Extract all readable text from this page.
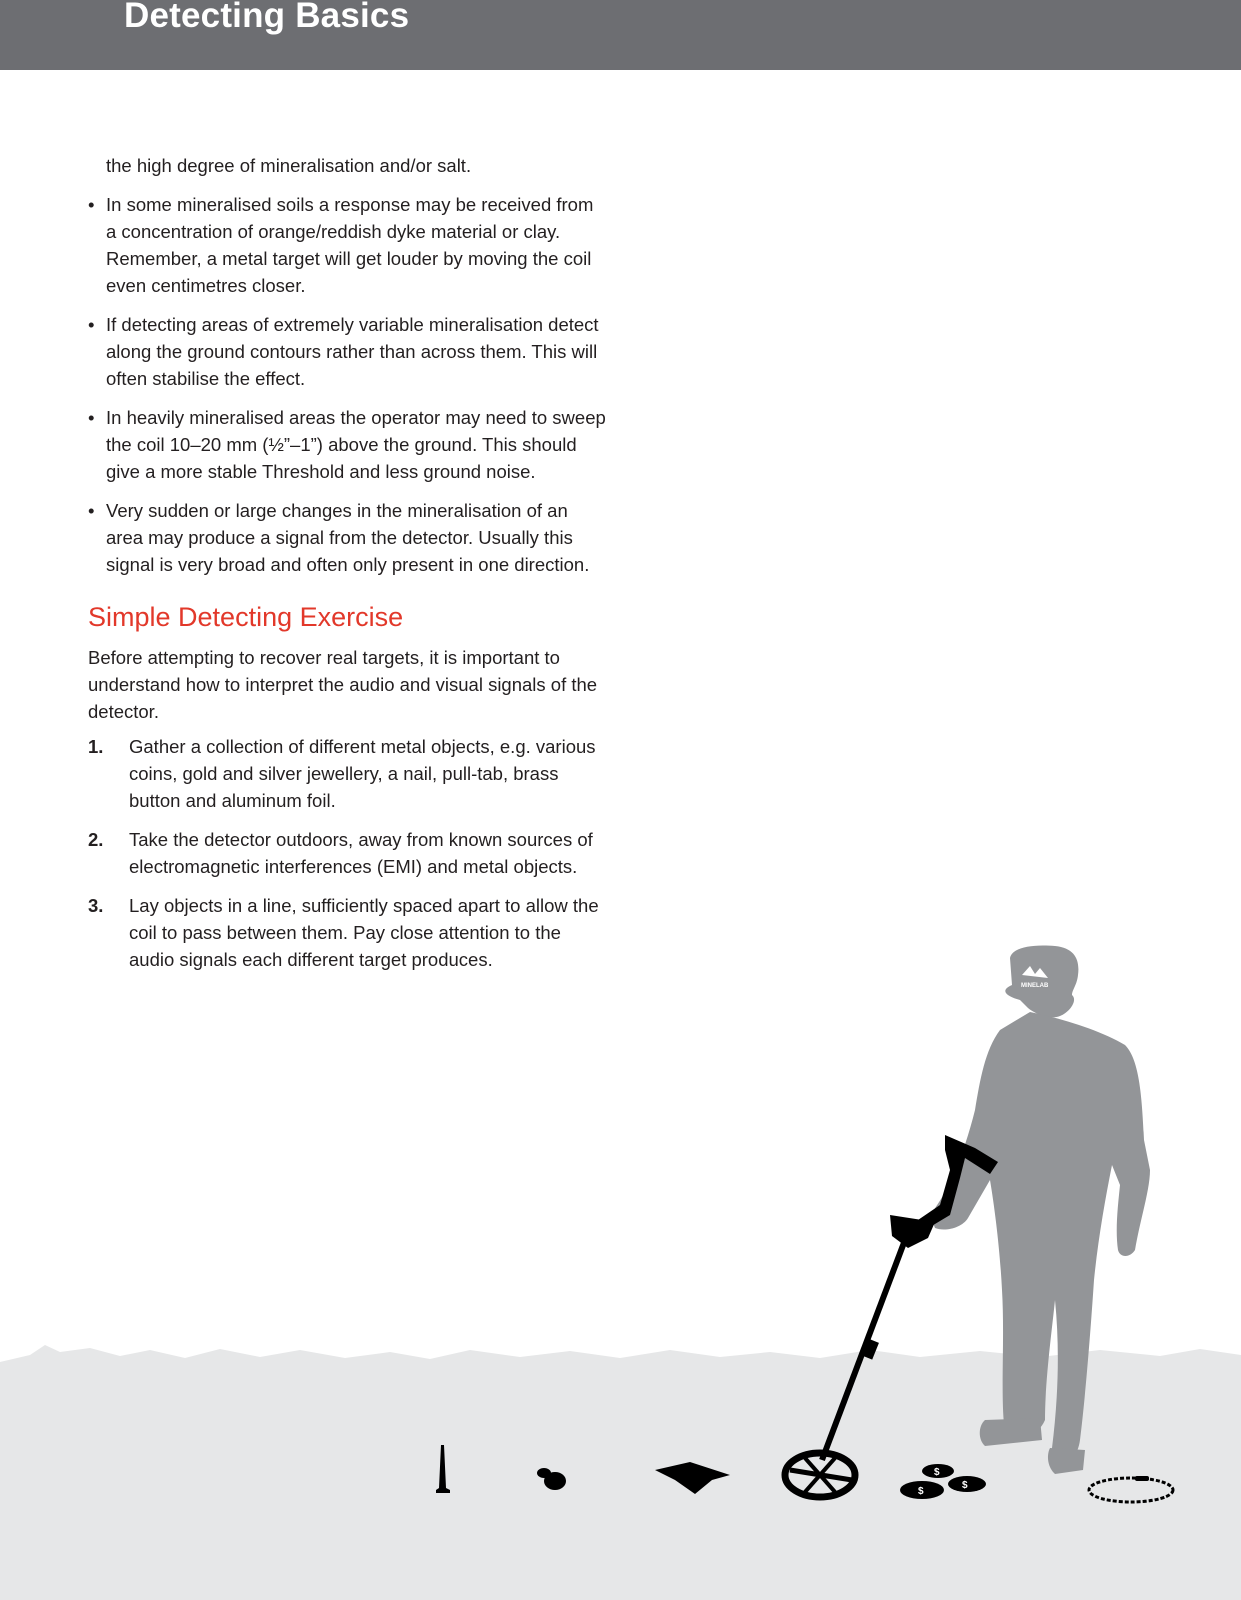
Detecting Basics

the high degree of mineralisation and/or salt.

• In some mineralised soils a response may be received from a concentration of orange/reddish dyke material or clay. Remember, a metal target will get louder by moving the coil even centimetres closer.
• If detecting areas of extremely variable mineralisation detect along the ground contours rather than across them. This will often stabilise the effect.
• In heavily mineralised areas the operator may need to sweep the coil 10–20 mm (½”–1”) above the ground. This should give a more stable Threshold and less ground noise.
• Very sudden or large changes in the mineralisation of an area may produce a signal from the detector. Usually this signal is very broad and often only present in one direction.
Simple Detecting Exercise

Before attempting to recover real targets, it is important to understand how to interpret the audio and visual signals of the detector.

1. Gather a collection of different metal objects, e.g. various coins, gold and silver jewellery, a nail, pull-tab, brass button and aluminum foil.
2. Take the detector outdoors, away from known sources of electromagnetic interferences (EMI) and metal objects.
3. Lay objects in a line, sufficiently spaced apart to allow the coil to pass between them. Pay close attention to the audio signals each different target produces.
MINELAB
$
$
$
